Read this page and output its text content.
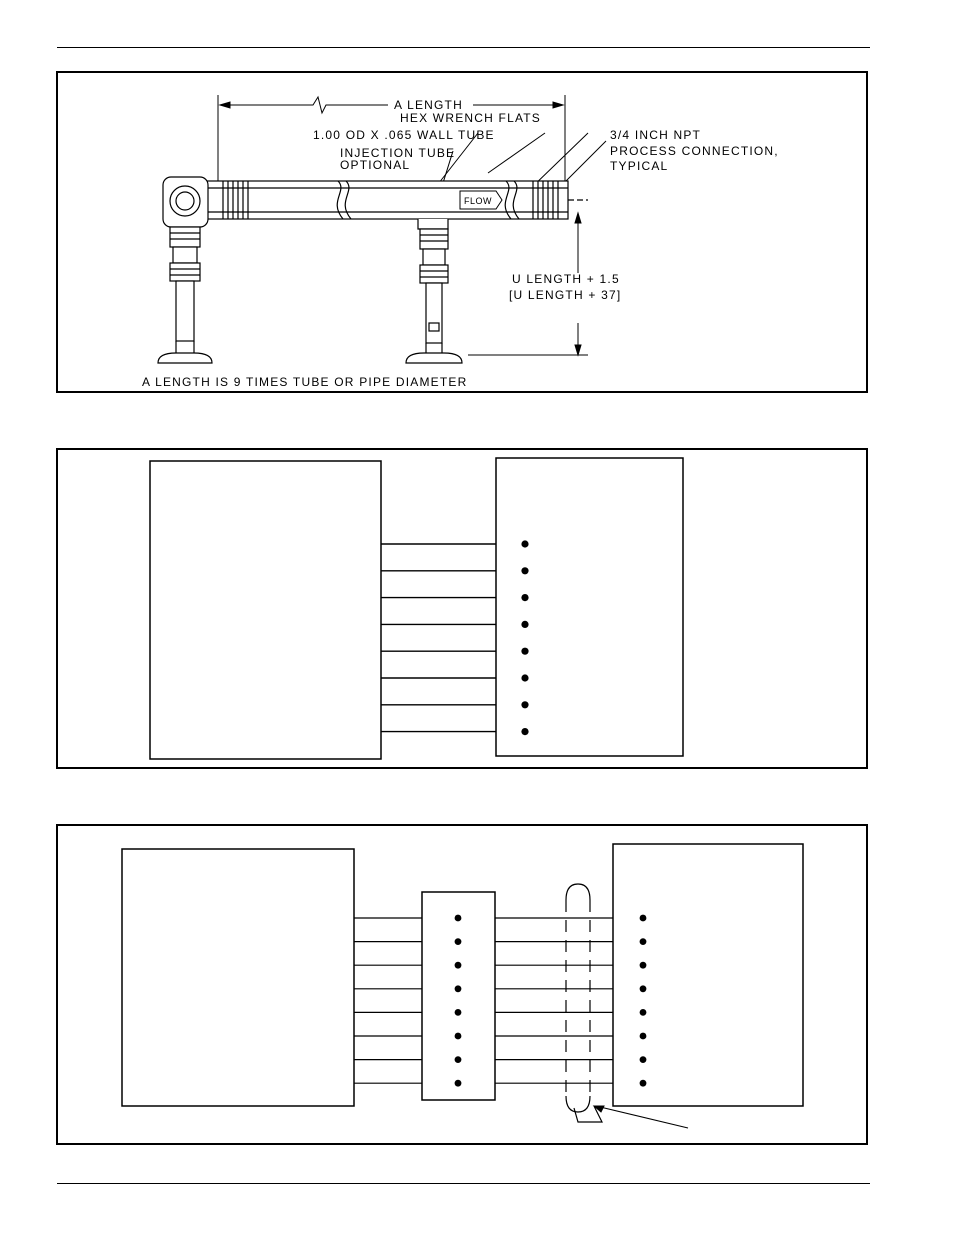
FLOW
A LENGTH
HEX WRENCH FLATS
1.00 OD X .065 WALL TUBE
INJECTION TUBE
OPTIONAL
3/4 INCH NPT
PROCESS CONNECTION,
TYPICAL
U LENGTH + 1.5
[U LENGTH + 37]
A LENGTH IS 9 TIMES TUBE OR PIPE DIAMETER
